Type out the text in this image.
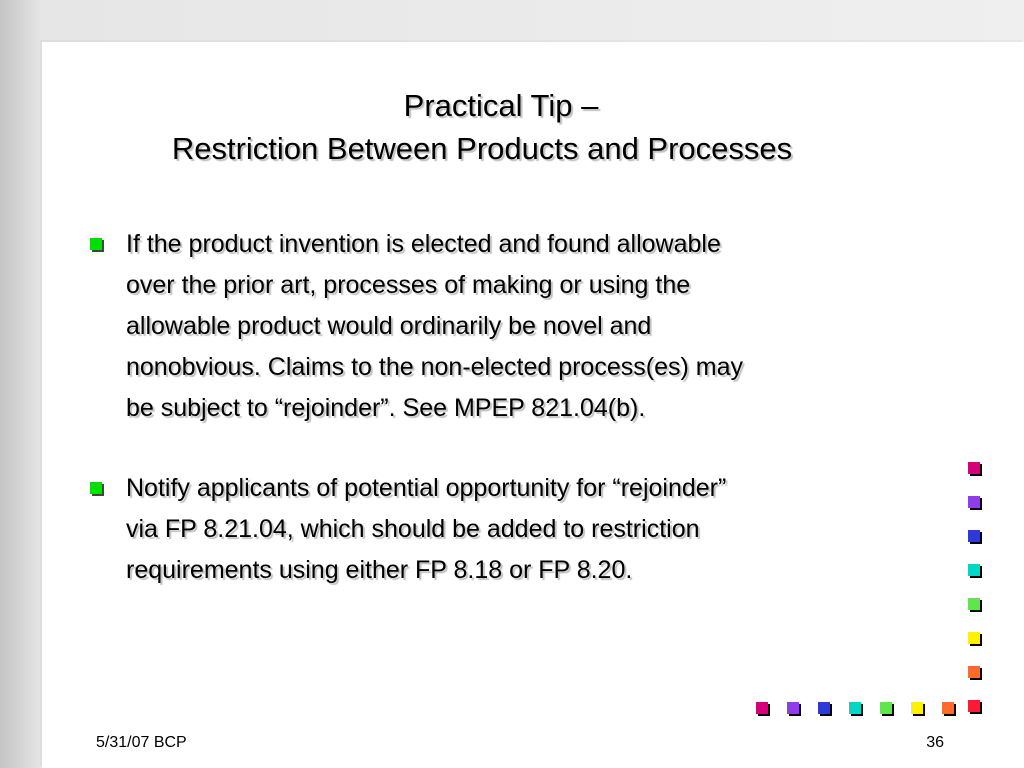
Practical Tip –
Restriction Between Products and Processes
If the product invention is elected and found allowable
over the prior art, processes of making or using the
allowable product would ordinarily be novel and
nonobvious. Claims to the non-elected process(es) may
be subject to “rejoinder”. See MPEP 821.04(b).
Notify applicants of potential opportunity for “rejoinder”
via FP 8.21.04, which should be added to restriction
requirements using either FP 8.18 or FP 8.20.
5/31/07 BCP	36
